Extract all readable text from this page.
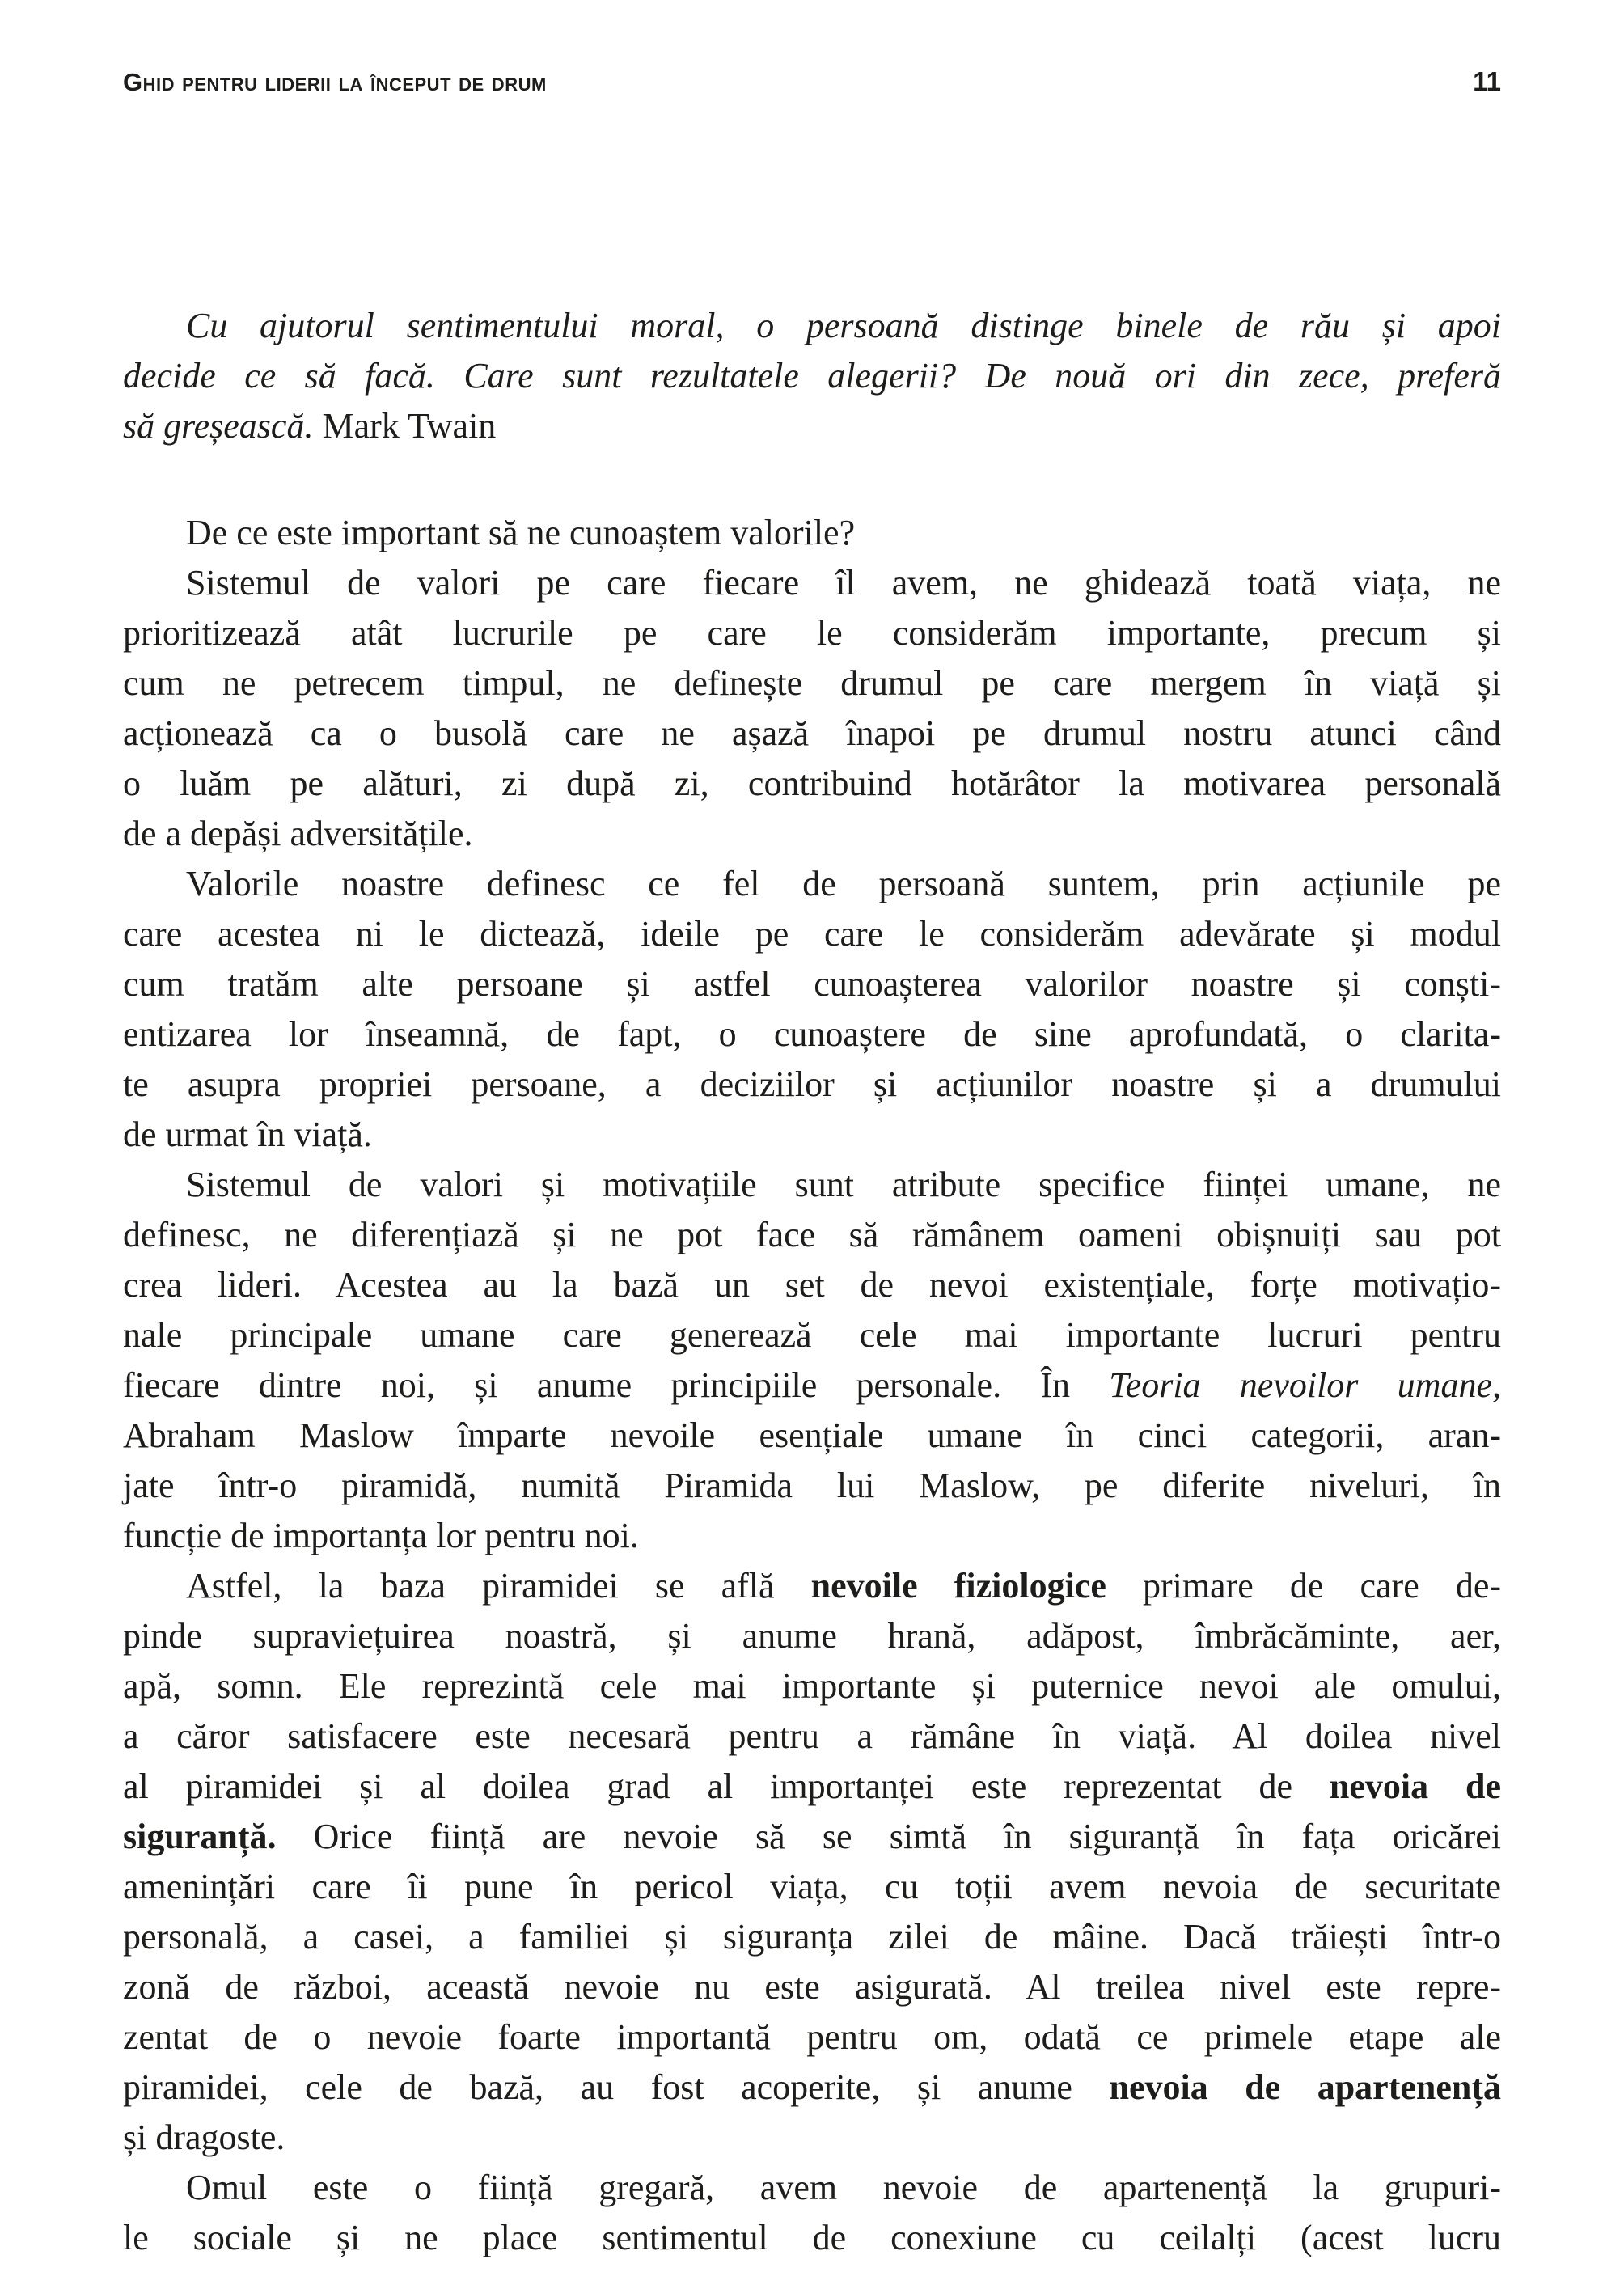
Ghid pentru liderii la început de drum	11
Cu ajutorul sentimentului moral, o persoană distinge binele de rău și apoi
decide ce să facă. Care sunt rezultatele alegerii? De nouă ori din zece, preferă
să greșească. Mark Twain
De ce este important să ne cunoaștem valorile?
Sistemul de valori pe care fiecare îl avem, ne ghidează toată viața, ne
prioritizează atât lucrurile pe care le considerăm importante, precum și
cum ne petrecem timpul, ne definește drumul pe care mergem în viață și
acționează ca o busolă care ne așază înapoi pe drumul nostru atunci când
o luăm pe alături, zi după zi, contribuind hotărâtor la motivarea personală
de a depăși adversitățile.
Valorile noastre definesc ce fel de persoană suntem, prin acțiunile pe
care acestea ni le dictează, ideile pe care le considerăm adevărate și modul
cum tratăm alte persoane și astfel cunoașterea valorilor noastre și conști-
entizarea lor înseamnă, de fapt, o cunoaștere de sine aprofundată, o clarita-
te asupra propriei persoane, a deciziilor și acțiunilor noastre și a drumului
de urmat în viață.
Sistemul de valori și motivațiile sunt atribute specifice ființei umane, ne
definesc, ne diferențiază și ne pot face să rămânem oameni obișnuiți sau pot
crea lideri. Acestea au la bază un set de nevoi existențiale, forțe motivațio-
nale principale umane care generează cele mai importante lucruri pentru
fiecare dintre noi, și anume principiile personale. În Teoria nevoilor umane,
Abraham Maslow împarte nevoile esențiale umane în cinci categorii, aran-
jate într-o piramidă, numită Piramida lui Maslow, pe diferite niveluri, în
funcție de importanța lor pentru noi.
Astfel, la baza piramidei se află nevoile fiziologice primare de care de-
pinde supraviețuirea noastră, și anume hrană, adăpost, îmbrăcăminte, aer,
apă, somn. Ele reprezintă cele mai importante și puternice nevoi ale omului,
a căror satisfacere este necesară pentru a rămâne în viață. Al doilea nivel
al piramidei și al doilea grad al importanței este reprezentat de nevoia de
siguranță. Orice ființă are nevoie să se simtă în siguranță în fața oricărei
amenințări care îi pune în pericol viața, cu toții avem nevoia de securitate
personală, a casei, a familiei și siguranța zilei de mâine. Dacă trăiești într-o
zonă de război, această nevoie nu este asigurată. Al treilea nivel este repre-
zentat de o nevoie foarte importantă pentru om, odată ce primele etape ale
piramidei, cele de bază, au fost acoperite, și anume nevoia de apartenență
și dragoste.
Omul este o ființă gregară, avem nevoie de apartenență la grupuri-
le sociale și ne place sentimentul de conexiune cu ceilalți (acest lucru
